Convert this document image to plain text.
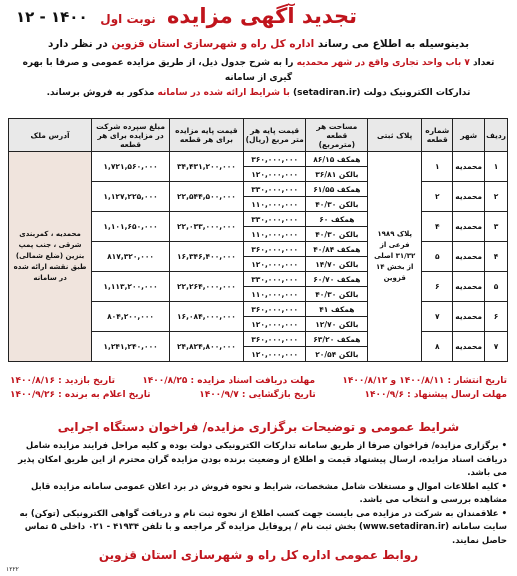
تجدید آگهی مزایده نوبت اول
۱۲ - ۱۴۰۰
بدینوسیله به اطلاع می رساند اداره کل راه و شهرسازی استان قزوین در نظر دارد
تعداد ۷ باب واحد تجاری واقع در شهر محمدیه را به شرح جدول ذیل، از طریق مزایده عمومی و صرفا با بهره گیری از سامانه
تدارکات الکترونیک دولت (setadiran.ir) با شرایط ارائه شده در سامانه مذکور به فروش برساند.
ردیف	شهر	شماره قطعه	پلاک ثبتی	مساحت هر قطعه (مترمربع)	قیمت پایه هر متر مربع (ریال)	قیمت پایه مزایده برای هر قطعه	مبلغ سپرده شرکت در مزایده برای هر قطعه	آدرس ملک
۱	محمدیه	۱	پلاک ۱۹۸۹ فرعی از ۳۱/۳۲ اصلی از بخش ۱۴ قزوین	همکف ۸۶/۱۵	۳۶۰,۰۰۰,۰۰۰	۳۴,۴۳۱,۲۰۰,۰۰۰	۱,۷۲۱,۵۶۰,۰۰۰	محمدیه ، کمربندی شرقی ، جنب پمپ بنزین (ضلع شمالی) طبق نقشه ارائه شده در سامانه
				بالکن ۳۶/۸۱	۱۲۰,۰۰۰,۰۰۰			
۲	محمدیه	۲		همکف ۶۱/۵۵	۳۳۰,۰۰۰,۰۰۰	۲۲,۵۴۴,۵۰۰,۰۰۰	۱,۱۲۷,۲۲۵,۰۰۰	
				بالکن ۴۰/۳۰	۱۱۰,۰۰۰,۰۰۰			
۳	محمدیه	۴		همکف ۶۰	۳۳۰,۰۰۰,۰۰۰	۲۲,۰۳۳,۰۰۰,۰۰۰	۱,۱۰۱,۶۵۰,۰۰۰	
				بالکن ۴۰/۳۰	۱۱۰,۰۰۰,۰۰۰			
۴	محمدیه	۵		همکف ۴۰/۸۴	۳۶۰,۰۰۰,۰۰۰	۱۶,۳۴۶,۴۰۰,۰۰۰	۸۱۷,۳۲۰,۰۰۰	
				بالکن ۱۴/۷۰	۱۲۰,۰۰۰,۰۰۰			
۵	محمدیه	۶		همکف ۶۰/۷۰	۳۳۰,۰۰۰,۰۰۰	۲۲,۲۶۴,۰۰۰,۰۰۰	۱,۱۱۳,۲۰۰,۰۰۰	
				بالکن ۴۰/۳۰	۱۱۰,۰۰۰,۰۰۰			
۶	محمدیه	۷		همکف ۴۱	۳۶۰,۰۰۰,۰۰۰	۱۶,۰۸۴,۰۰۰,۰۰۰	۸۰۴,۲۰۰,۰۰۰	
				بالکن ۱۲/۷۰	۱۲۰,۰۰۰,۰۰۰			
۷	محمدیه	۸		همکف ۶۳/۲۰	۳۶۰,۰۰۰,۰۰۰	۲۴,۸۲۴,۸۰۰,۰۰۰	۱,۲۴۱,۲۴۰,۰۰۰	
				بالکن ۲۰/۵۴	۱۲۰,۰۰۰,۰۰۰			
تاریخ انتشار : ۱۴۰۰/۸/۱۱ و ۱۴۰۰/۸/۱۲
مهلت دریافت اسناد مزایده : ۱۴۰۰/۸/۲۵
تاریخ بازدید : ۱۴۰۰/۸/۱۶
مهلت ارسال پیشنهاد : ۱۴۰۰/۹/۶
تاریخ بازگشایی : ۱۴۰۰/۹/۷
تاریخ اعلام به برنده : ۱۴۰۰/۹/۲۶
شرایط عمومی و توضیحات برگزاری مزایده/ فراخوان دستگاه اجرایی

• برگزاری مزایده/ فراخوان صرفا از طریق سامانه تدارکات الکترونیکی دولت بوده و کلیه مراحل فرایند مزایده شامل دریافت اسناد مزایده، ارسال پیشنهاد قیمت و اطلاع از وضعیت برنده بودن مزایده گران محترم از این طریق امکان پذیر می باشد.

• کلیه اطلاعات اموال و مستغلات شامل مشخصات، شرایط و نحوه فروش در برد اعلان عمومی سامانه مزایده قابل مشاهده بررسی و انتخاب می باشد.

• علاقمندان به شرکت در مزایده می بایست جهت کسب اطلاع از نحوه ثبت نام و دریافت گواهی الکترونیکی (توکن) به سایت سامانه (www.setadiran.ir) بخش ثبت نام / پروفایل مزایده گر مراجعه و با تلفن ۴۱۹۳۴ - ۰۲۱ داخلی ۵ تماس حاصل نمایند.

روابط عمومی اداره کل راه و شهرسازی استان قزوین
۱۲۲۲
